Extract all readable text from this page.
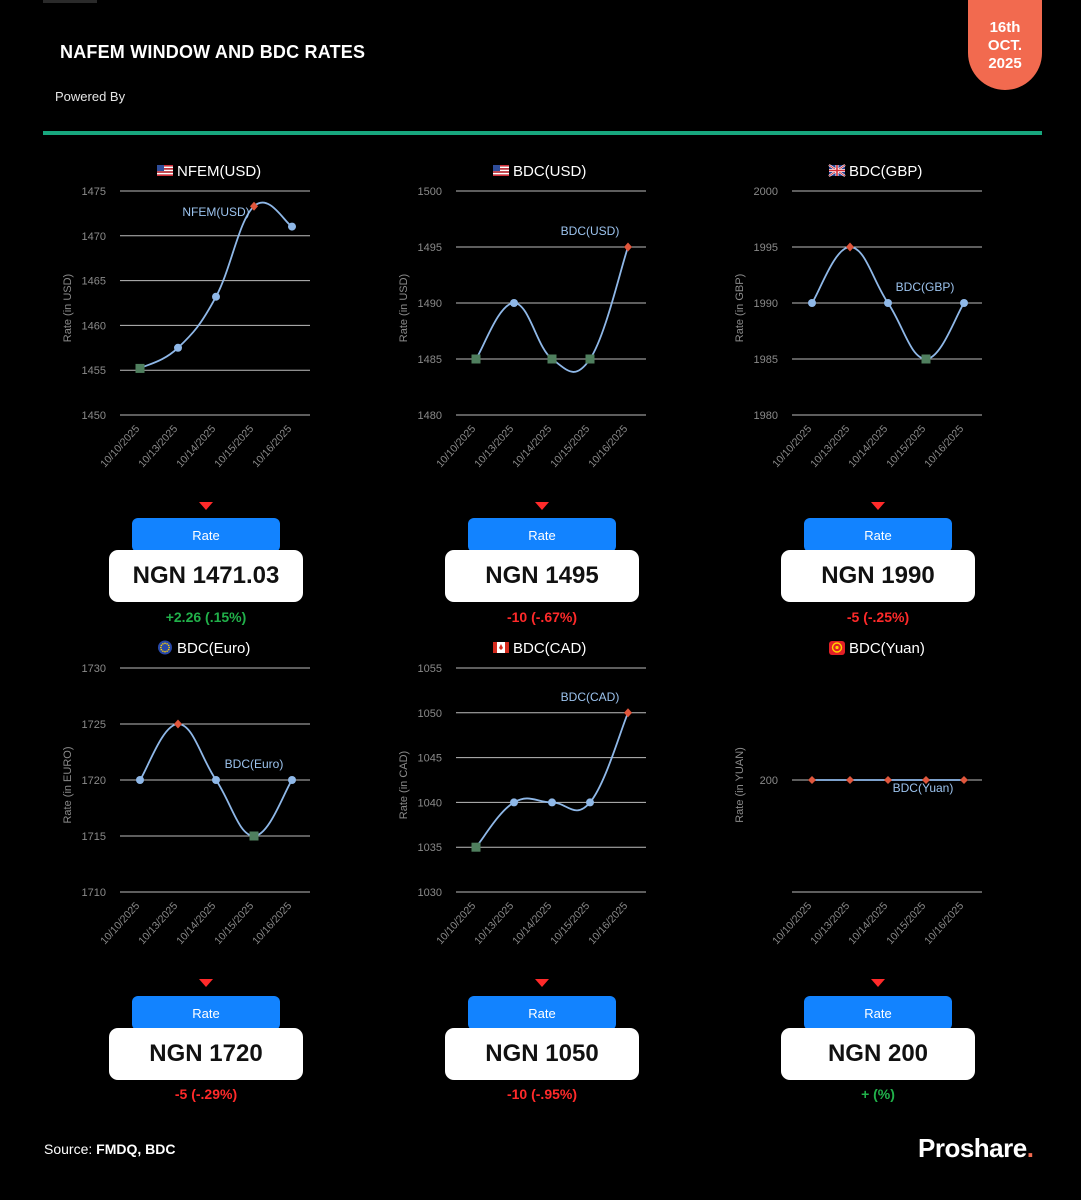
NAFEM WINDOW AND BDC RATES
Powered By
16th
OCT.
2025
NFEM(USD)
Rate (in USD)
1450
1455
1460
1465
1470
1475
10/10/2025
10/13/2025
10/14/2025
10/15/2025
10/16/2025
NFEM(USD)
BDC(USD)
Rate (in USD)
1480
1485
1490
1495
1500
10/10/2025
10/13/2025
10/14/2025
10/15/2025
10/16/2025
BDC(USD)
BDC(GBP)
Rate (in GBP)
1980
1985
1990
1995
2000
10/10/2025
10/13/2025
10/14/2025
10/15/2025
10/16/2025
BDC(GBP)
BDC(Euro)
Rate (in EURO)
1710
1715
1720
1725
1730
10/10/2025
10/13/2025
10/14/2025
10/15/2025
10/16/2025
BDC(Euro)
BDC(CAD)
Rate (in CAD)
1030
1035
1040
1045
1050
1055
10/10/2025
10/13/2025
10/14/2025
10/15/2025
10/16/2025
BDC(CAD)
BDC(Yuan)
Rate (in YUAN) 200
10/10/2025
10/13/2025
10/14/2025
10/15/2025
10/16/2025
BDC(Yuan)
Rate
NGN 1471.03
+2.26 (.15%)
Rate
NGN 1495
-10 (-.67%)
Rate
NGN 1990
-5 (-.25%)
Rate
NGN 1720
-5 (-.29%)
Rate
NGN 1050
-10 (-.95%)
Rate
NGN 200
+ (%)
Source: FMDQ, BDC	Proshare.
